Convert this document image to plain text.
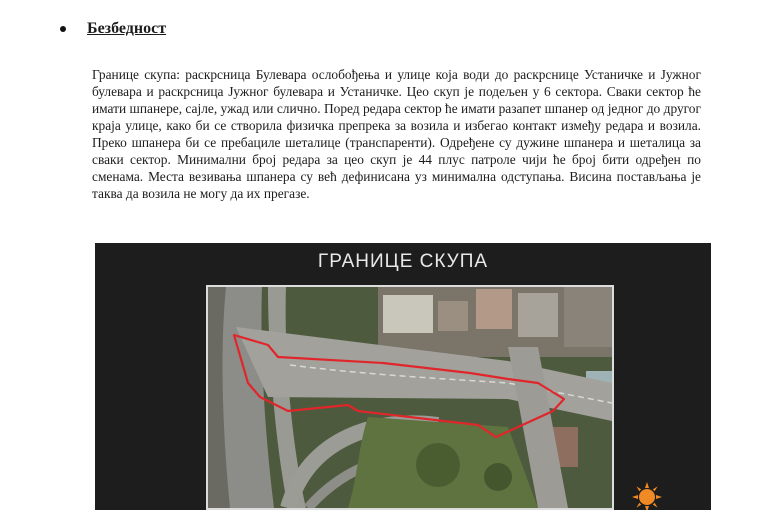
Безбедност

Границе скупа: раскрсница Булевара ослобођења и улице која води до раскрснице Устаничке и Јужног булевара и раскрсница Јужног булевара и Устаничке. Цео скуп је подељен у 6 сектора. Сваки сектор ће имати шпанере, сајле, ужад или слично. Поред редара сектор ће имати разапет шпанер од једног до другог краја улице, како би се створила физичка препрека за возила и избегао контакт између редара и возила. Преко шпанера би се пребациле шеталице (транспаренти). Одређене су дужине шпанера и шеталица за сваки сектор. Минимални број редара за цео скуп је 44 плус патроле чији ће број бити одређен по сменама. Места везивања шпанера су већ дефинисана уз минимална одступања. Висина постављања је таква да возила не могу да их прегазе.

ГРАНИЦЕ СКУПА
